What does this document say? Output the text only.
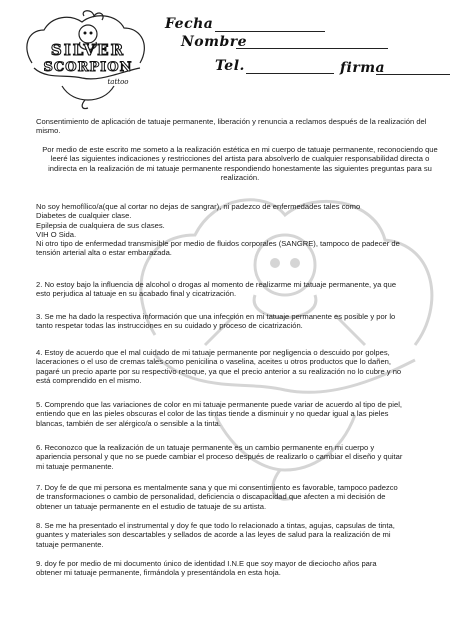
SILVER
SCORPION
tattoo
Fecha
Nombre
Tel.	firma
Consentimiento de aplicación de tatuaje permanente, liberación y renuncia a reclamos después de la realización del mismo.
Por medio de este escrito me someto a la realización estética en mi cuerpo de tatuaje permanente, reconociendo que leeré las siguientes indicaciones y restricciones del artista para absolverlo de cualquier responsabilidad directa o indirecta en la realización de mi tatuaje permanente respondiendo honestamente las siguientes preguntas para su realización.
No soy hemofílico/a(que al cortar no dejas de sangrar), ni padezco de enfermedades tales como
Diabetes de cualquier clase.
Epilepsia de cualquiera de sus clases.
VIH O Sida.
Ni otro tipo de enfermedad transmisible por medio de fluidos corporales (SANGRE), tampoco de padecer de
tensión arterial alta o estar embarazada.
2. No estoy bajo la influencia de alcohol o drogas al momento de realizarme mi tatuaje permanente, ya que
esto perjudica al tatuaje en su acabado final y cicatrización.
3. Se me ha dado la respectiva información que una infección en mi tatuaje permanente es posible y por lo
tanto respetar todas las instrucciones en su cuidado y proceso de cicatrización.
4. Estoy de acuerdo que el mal cuidado de mi tatuaje permanente por negligencia o descuido por golpes,
laceraciones o el uso de cremas tales como penicilina o vaselina, aceites u otros productos que lo dañen,
pagaré un precio aparte por su respectivo retoque, ya que el precio anterior a su realización no lo cubre y no
está comprendido en el mismo.
5. Comprendo que las variaciones de color en mi tatuaje permanente puede variar de acuerdo al tipo de piel,
entiendo que en las pieles obscuras el color de las tintas tiende a disminuir y no quedar igual a las pieles
blancas, también de ser alérgico/a o sensible a la tinta.
6. Reconozco que la realización de un tatuaje permanente es un cambio permanente en mi cuerpo y
apariencia personal y que no se puede cambiar el proceso después de realizarlo o cambiar el diseño y quitar
mi tatuaje permanente.
7. Doy fe de que mi persona es mentalmente sana y que mi consentimiento es favorable, tampoco padezco
de transformaciones o cambio de personalidad, deficiencia o discapacidad que afecten a mi decisión de
obtener un tatuaje permanente en el estudio de tatuaje de su artista.
8. Se me ha presentado el instrumental y doy fe que todo lo relacionado a tintas, agujas, capsulas de tinta,
guantes y materiales son descartables y sellados de acorde a las leyes de salud para la realización de mi
tatuaje permanente.
9. doy fe por medio de mi documento único de identidad I.N.E que soy mayor de dieciocho años para
obtener mi tatuaje permanente, firmándola y presentándola en esta hoja.
